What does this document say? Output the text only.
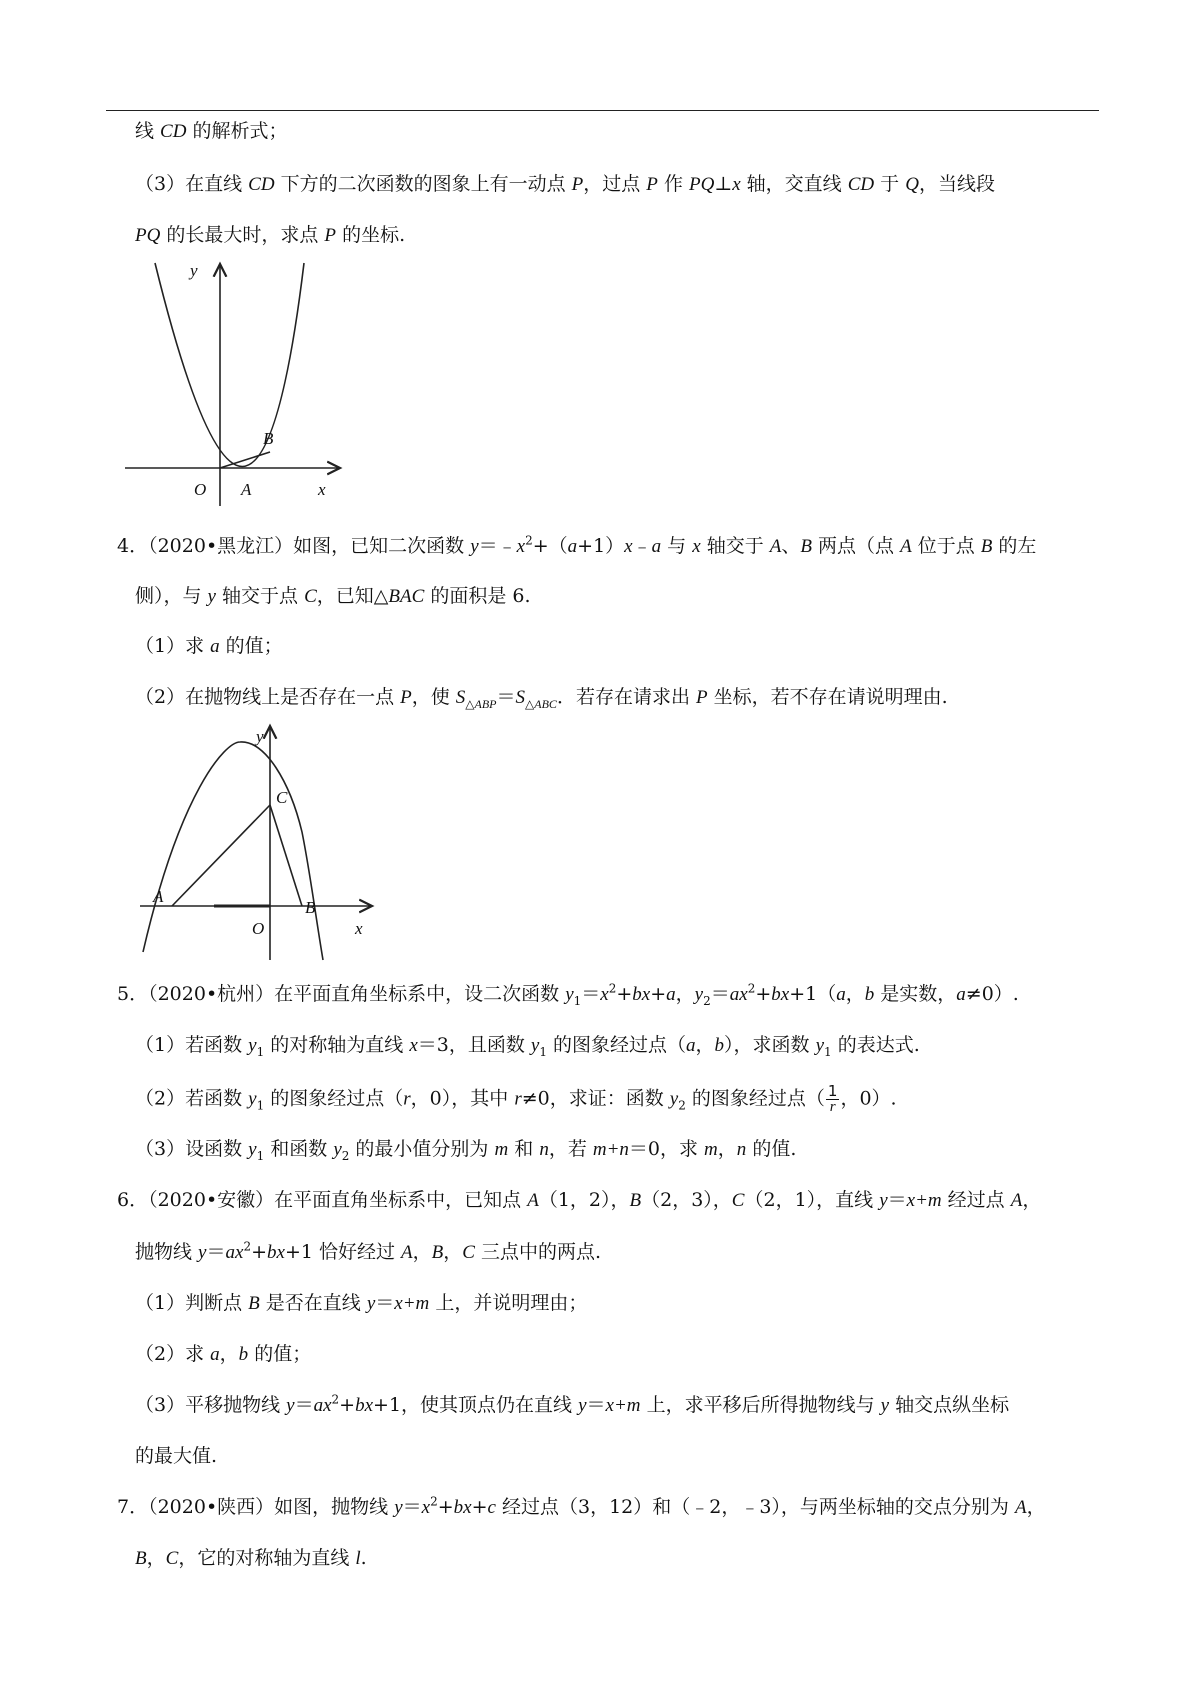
线 CD 的解析式；
（3）在直线 CD 下方的二次函数的图象上有一动点 P，过点 P 作 PQ⊥x 轴，交直线 CD 于 Q，当线段
PQ 的长最大时，求点 P 的坐标.
y
x
O A
B
4．（2020•黑龙江）如图，已知二次函数 $y=﹣x^2+(a+1)x﹣a$ 与 x 轴交于 A、B 两点（点 A 位于点 B 的左
侧），与 y 轴交于点 C，已知△BAC 的面积是 6.
（1）求 a 的值；
（2）在抛物线上是否存在一点 P，使 $S_{\triangle ABP}=S_{\triangle ABC}$．若存在请求出 P 坐标，若不存在请说明理由.
y
x
O
A
B
C
5．（2020•杭州）在平面直角坐标系中，设二次函数 $y_1=x^2+bx+a$，$y_2=ax^2+bx+1(a$，b 是实数，a≠0）.
（1）若函数 $y_1$ 的对称轴为直线 x＝3，且函数 $y_1$ 的图象经过点（a，b），求函数 $y_1$ 的表达式.
（2）若函数 $y_1$ 的图象经过点（r，0），其中 r≠0，求证：函数 $y_2$ 的图象经过点（ $\frac{1}{r}$ ，0）.
（3）设函数 $y_1$ 和函数 $y_2$ 的最小值分别为 m 和 n，若 m+n＝0，求 m，n 的值.
6．（2020•安徽）在平面直角坐标系中，已知点 A（1，2），B（2，3），C（2，1），直线 y＝x+m 经过点 A，
抛物线 $y=ax^2+bx+1$ 恰好经过 A，B，C 三点中的两点.
（1）判断点 B 是否在直线 y＝x+m 上，并说明理由；
（2）求 a，b 的值；
（3）平移抛物线 $y=ax^2+bx+1$，使其顶点仍在直线 y＝x+m 上，求平移后所得抛物线与 y 轴交点纵坐标
的最大值.
7．（2020•陕西）如图，抛物线 $y=x^2+bx+c$ 经过点（3，12）和（﹣2，﹣3），与两坐标轴的交点分别为 A，
B，C，它的对称轴为直线 l.
